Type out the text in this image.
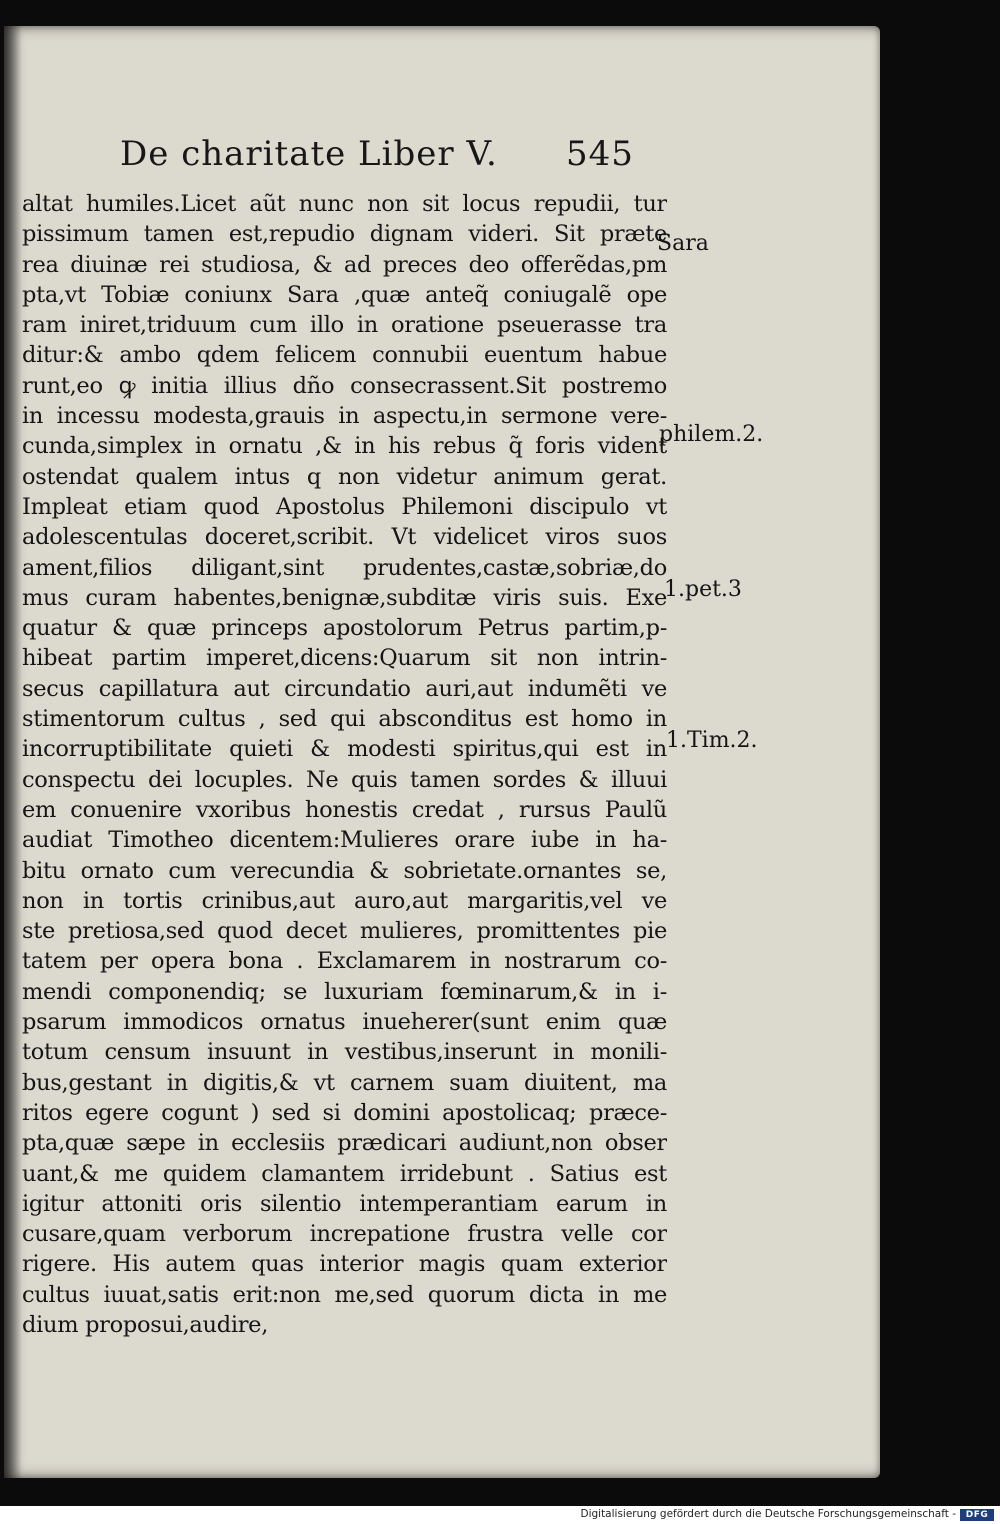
De charitate Liber V. 545
altat humiles.Licet aũt nunc non sit locus repudii, tur
pissimum tamen est,repudio dignam videri. Sit præte
rea diuinæ rei studiosa, & ad preces deo offerẽdas,pm
pta,vt Tobiæ coniunx Sara ,quæ anteq̃ coniugalẽ ope
ram iniret,triduum cum illo in oratione pseuerasse tra
ditur:& ambo qdem felicem connubii euentum habue
runt,eo ꝙ initia illius dño consecrassent.Sit postremo
in incessu modesta,grauis in aspectu,in sermone vere-
cunda,simplex in ornatu ,& in his rebus q̃ foris vident
ostendat qualem intus q non videtur animum gerat.
Impleat etiam quod Apostolus Philemoni discipulo vt
adolescentulas doceret,scribit. Vt videlicet viros suos
ament,filios diligant,sint prudentes,castæ,sobriæ,do
mus curam habentes,benignæ,subditæ viris suis. Exe
quatur & quæ princeps apostolorum Petrus partim,p-
hibeat partim imperet,dicens:Quarum sit non intrin-
secus capillatura aut circundatio auri,aut indumẽti ve
stimentorum cultus , sed qui absconditus est homo in
incorruptibilitate quieti & modesti spiritus,qui est in
conspectu dei locuples. Ne quis tamen sordes & illuui
em conuenire vxoribus honestis credat , rursus Paulũ
audiat Timotheo dicentem:Mulieres orare iube in ha-
bitu ornato cum verecundia & sobrietate.ornantes se,
non in tortis crinibus,aut auro,aut margaritis,vel ve
ste pretiosa,sed quod decet mulieres, promittentes pie
tatem per opera bona . Exclamarem in nostrarum co-
mendi componendiq; se luxuriam fœminarum,& in i-
psarum immodicos ornatus inueherer(sunt enim quæ
totum censum insuunt in vestibus,inserunt in monili-
bus,gestant in digitis,& vt carnem suam diuitent, ma
ritos egere cogunt ) sed si domini apostolicaq; præce-
pta,quæ sæpe in ecclesiis prædicari audiunt,non obser
uant,& me quidem clamantem irridebunt . Satius est
igitur attoniti oris silentio intemperantiam earum in
cusare,quam verborum increpatione frustra velle cor
rigere. His autem quas interior magis quam exterior
cultus iuuat,satis erit:non me,sed quorum dicta in me
dium proposui,audire,
Sara
philem.2.
1.pet.3
1.Tim.2.
Digitalisierung gefördert durch die Deutsche Forschungsgemeinschaft -	DFG
